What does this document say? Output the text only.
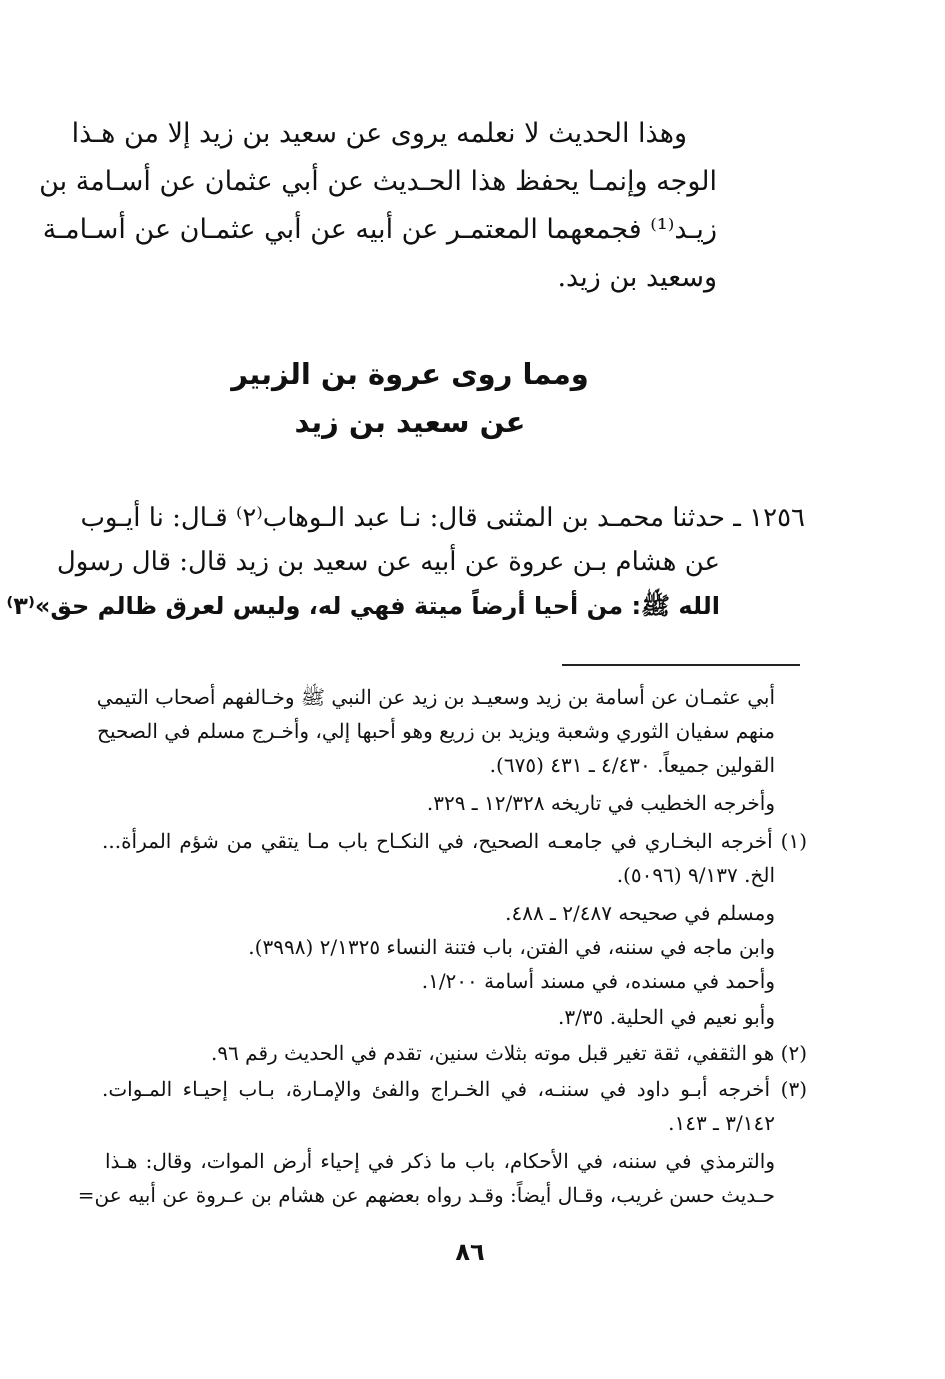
وهذا الحديث لا نعلمه يروى عن سعيد بن زيد إلا من هـذا
الوجه وإنمـا يحفظ هذا الحـديث عن أبي عثمان عن أسـامة بن
زيـد⁽¹⁾ فجمعهما المعتمـر عن أبيه عن أبي عثمـان عن أسـامـة
وسعيد بن زيد.
ومما روى عروة بن الزبير
عن سعيد بن زيد
١٢٥٦ ـ حدثنا محمـد بن المثنى قال: نـا عبد الـوهاب⁽٢⁾ قـال: نا أيـوب
عن هشام بـن عروة عن أبيه عن سعيد بن زيد قال: قال رسول
الله ﷺ: من أحيا أرضاً ميتة فهي له، وليس لعرق ظالم حق»⁽٣⁾
أبي عثمـان عن أسامة بن زيد وسعيـد بن زيد عن النبي ﷺ وخـالفهم أصحاب التيمي
منهم سفيان الثوري وشعبة ويزيد بن زريع وهو أحبها إلي، وأخـرج مسلم في الصحيح
القولين جميعاً. ٤/٤٣٠ ـ ٤٣١ (٦٧٥).
وأخرجه الخطيب في تاريخه ١٢/٣٢٨ ـ ٣٢٩.
(١) أخرجه البخـاري في جامعـه الصحيح، في النكـاح باب مـا يتقي من شؤم المرأة...
الخ. ٩/١٣٧ (٥٠٩٦).
ومسلم في صحيحه ٢/٤٨٧ ـ ٤٨٨.
وابن ماجه في سننه، في الفتن، باب فتنة النساء ٢/١٣٢٥ (٣٩٩٨).
وأحمد في مسنده، في مسند أسامة ١/٢٠٠.
وأبو نعيم في الحلية. ٣/٣٥.
(٢) هو الثقفي، ثقة تغير قبل موته بثلاث سنين، تقدم في الحديث رقم ٩٦.
(٣) أخرجه أبـو داود في سننـه، في الخـراج والفئ والإمـارة، بـاب إحيـاء المـوات.
٣/١٤٢ ـ ١٤٣.
والترمذي في سننه، في الأحكام، باب ما ذكر في إحياء أرض الموات، وقال: هـذا
حـديث حسن غريب، وقـال أيضاً: وقـد رواه بعضهم عن هشام بن عـروة عن أبيه عن=
٨٦
